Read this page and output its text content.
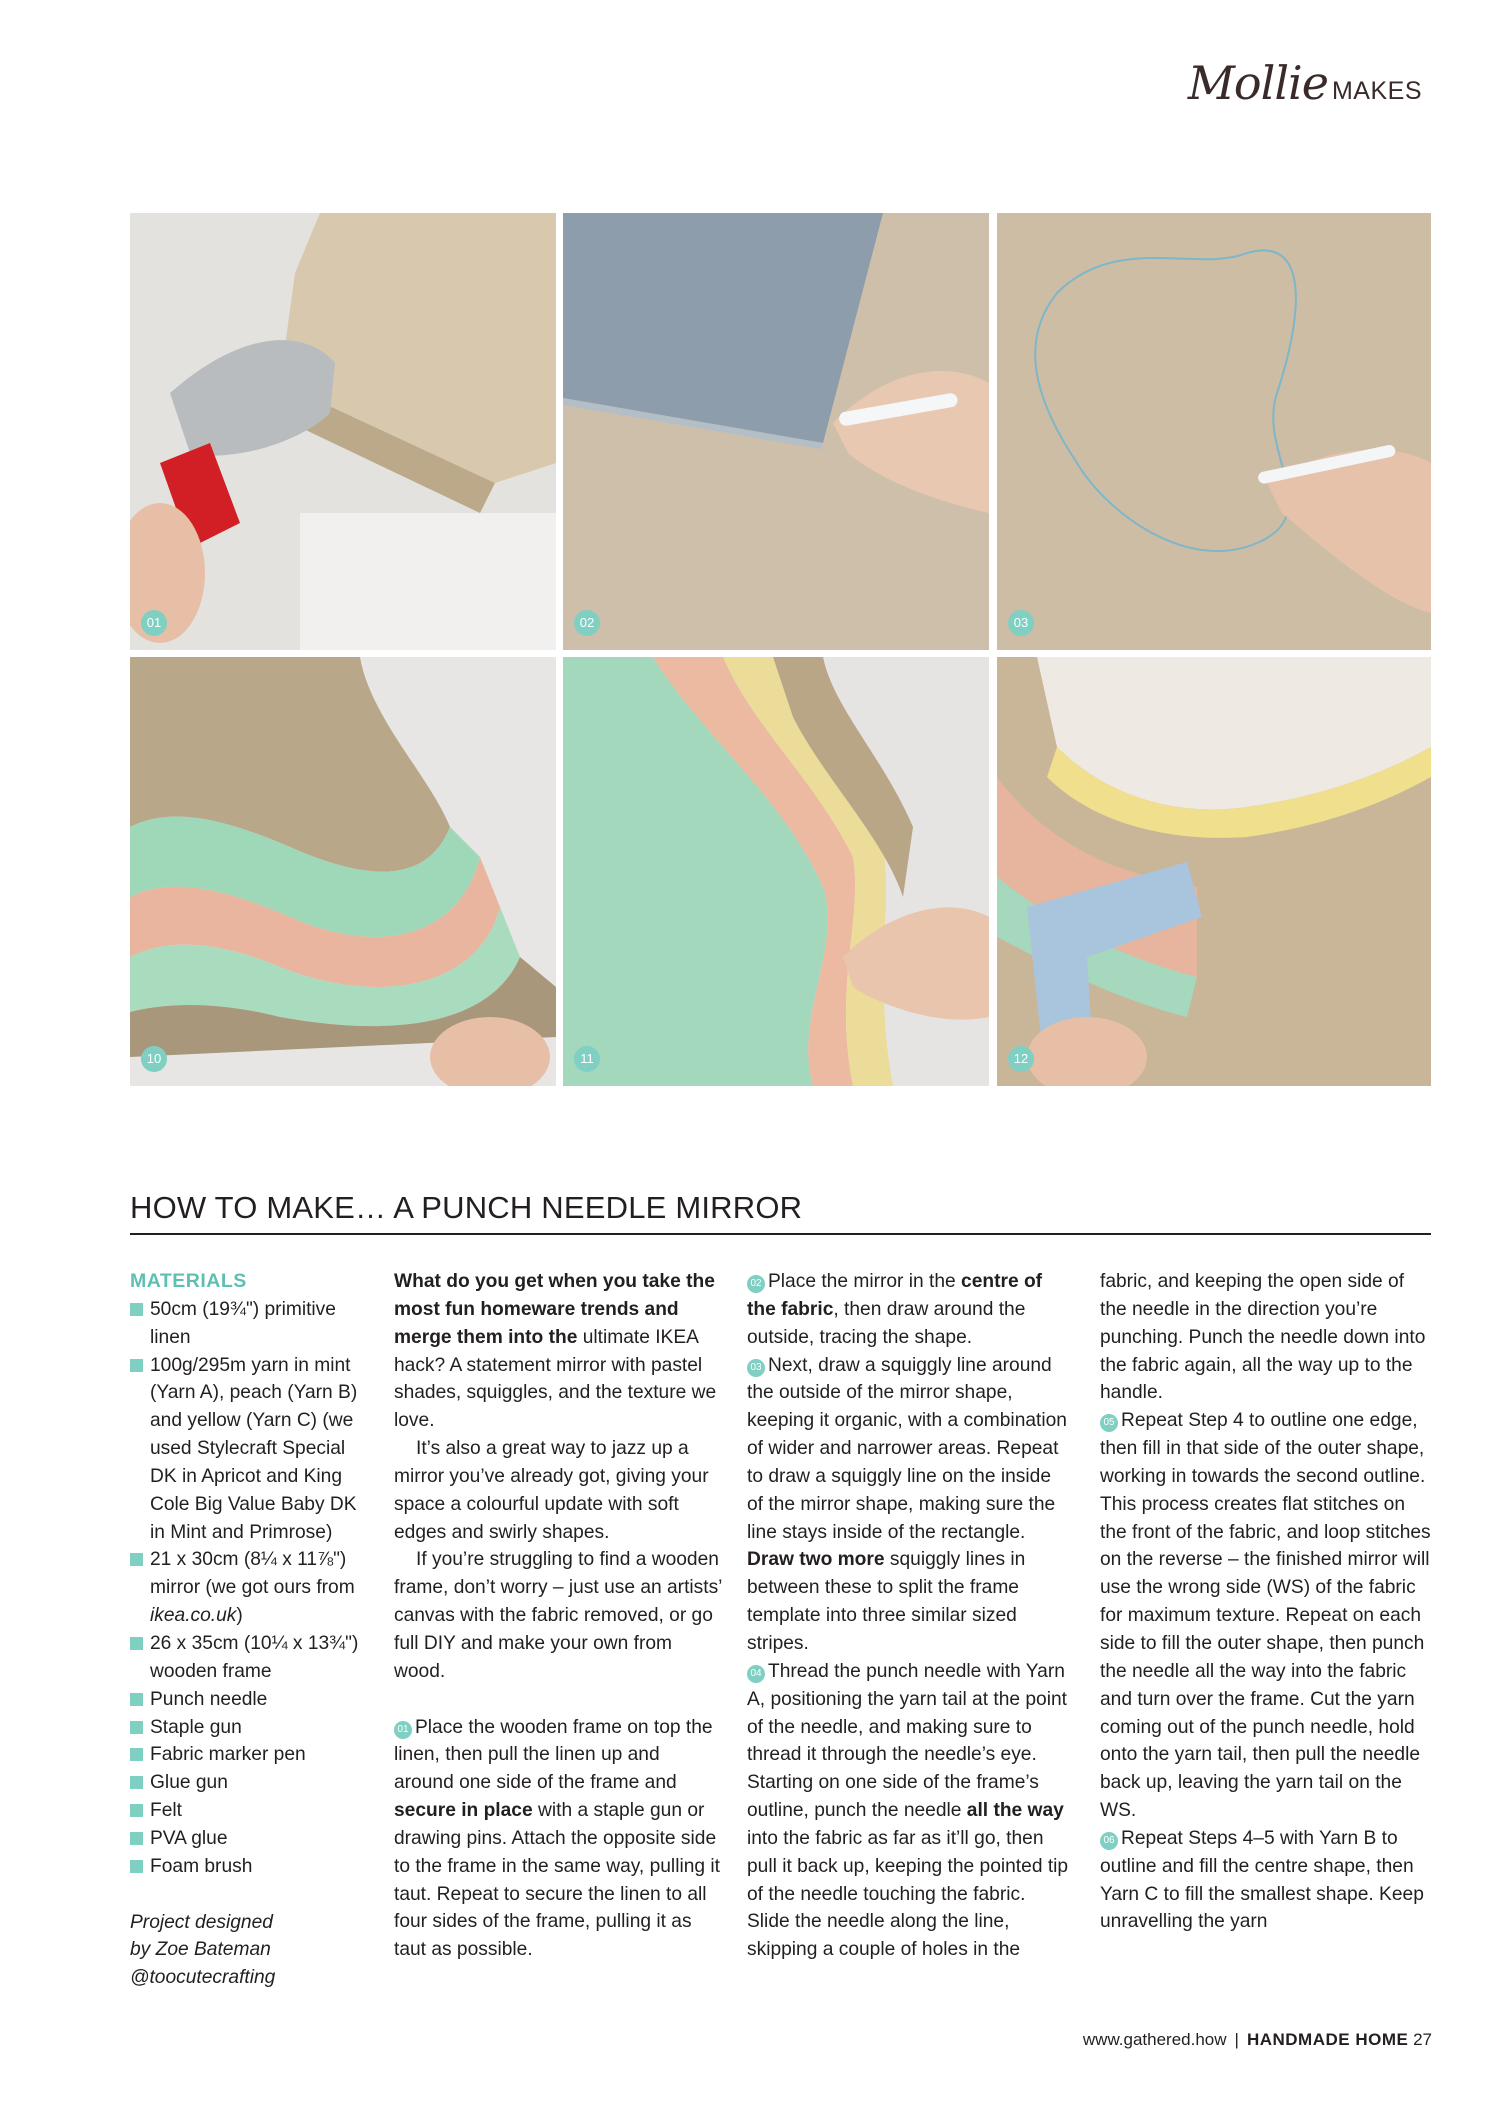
Mollie MAKES
01	02	03
10	11	12
HOW TO MAKE… A PUNCH NEEDLE MIRROR
MATERIALS
50cm (19¾") primitive linen
100g/295m yarn in mint (Yarn A), peach (Yarn B) and yellow (Yarn C) (we used Stylecraft Special DK in Apricot and King Cole Big Value Baby DK in Mint and Primrose)
21 x 30cm (8¼ x 11⅞") mirror (we got ours from ikea.co.uk)
26 x 35cm (10¼ x 13¾") wooden frame
Punch needle
Staple gun
Fabric marker pen
Glue gun
Felt
PVA glue
Foam brush
Project designed
by Zoe Bateman
@toocutecrafting

What do you get when you take the most fun homeware trends and merge them into the ultimate IKEA hack? A statement mirror with pastel shades, squiggles, and the texture we love.

It’s also a great way to jazz up a mirror you’ve already got, giving your space a colourful update with soft edges and swirly shapes.

If you’re struggling to find a wooden frame, don’t worry – just use an artists’ canvas with the fabric removed, or go full DIY and make your own from wood.

01 Place the wooden frame on top the linen, then pull the linen up and around one side of the frame and secure in place with a staple gun or drawing pins. Attach the opposite side to the frame in the same way, pulling it taut. Repeat to secure the linen to all four sides of the frame, pulling it as taut as possible.

02 Place the mirror in the centre of the fabric, then draw around the outside, tracing the shape.

03 Next, draw a squiggly line around the outside of the mirror shape, keeping it organic, with a combination of wider and narrower areas. Repeat to draw a squiggly line on the inside of the mirror shape, making sure the line stays inside of the rectangle. Draw two more squiggly lines in between these to split the frame template into three similar sized stripes.

04 Thread the punch needle with Yarn A, positioning the yarn tail at the point of the needle, and making sure to thread it through the needle’s eye. Starting on one side of the frame’s outline, punch the needle all the way into the fabric as far as it’ll go, then pull it back up, keeping the pointed tip of the needle touching the fabric. Slide the needle along the line, skipping a couple of holes in the

fabric, and keeping the open side of the needle in the direction you’re punching. Punch the needle down into the fabric again, all the way up to the handle.

05 Repeat Step 4 to outline one edge, then fill in that side of the outer shape, working in towards the second outline. This process creates flat stitches on the front of the fabric, and loop stitches on the reverse – the finished mirror will use the wrong side (WS) of the fabric for maximum texture. Repeat on each side to fill the outer shape, then punch the needle all the way into the fabric and turn over the frame. Cut the yarn coming out of the punch needle, hold onto the yarn tail, then pull the needle back up, leaving the yarn tail on the WS.

06 Repeat Steps 4–5 with Yarn B to outline and fill the centre shape, then Yarn C to fill the smallest shape. Keep unravelling the yarn

www.gathered.how | HANDMADE HOME 27
